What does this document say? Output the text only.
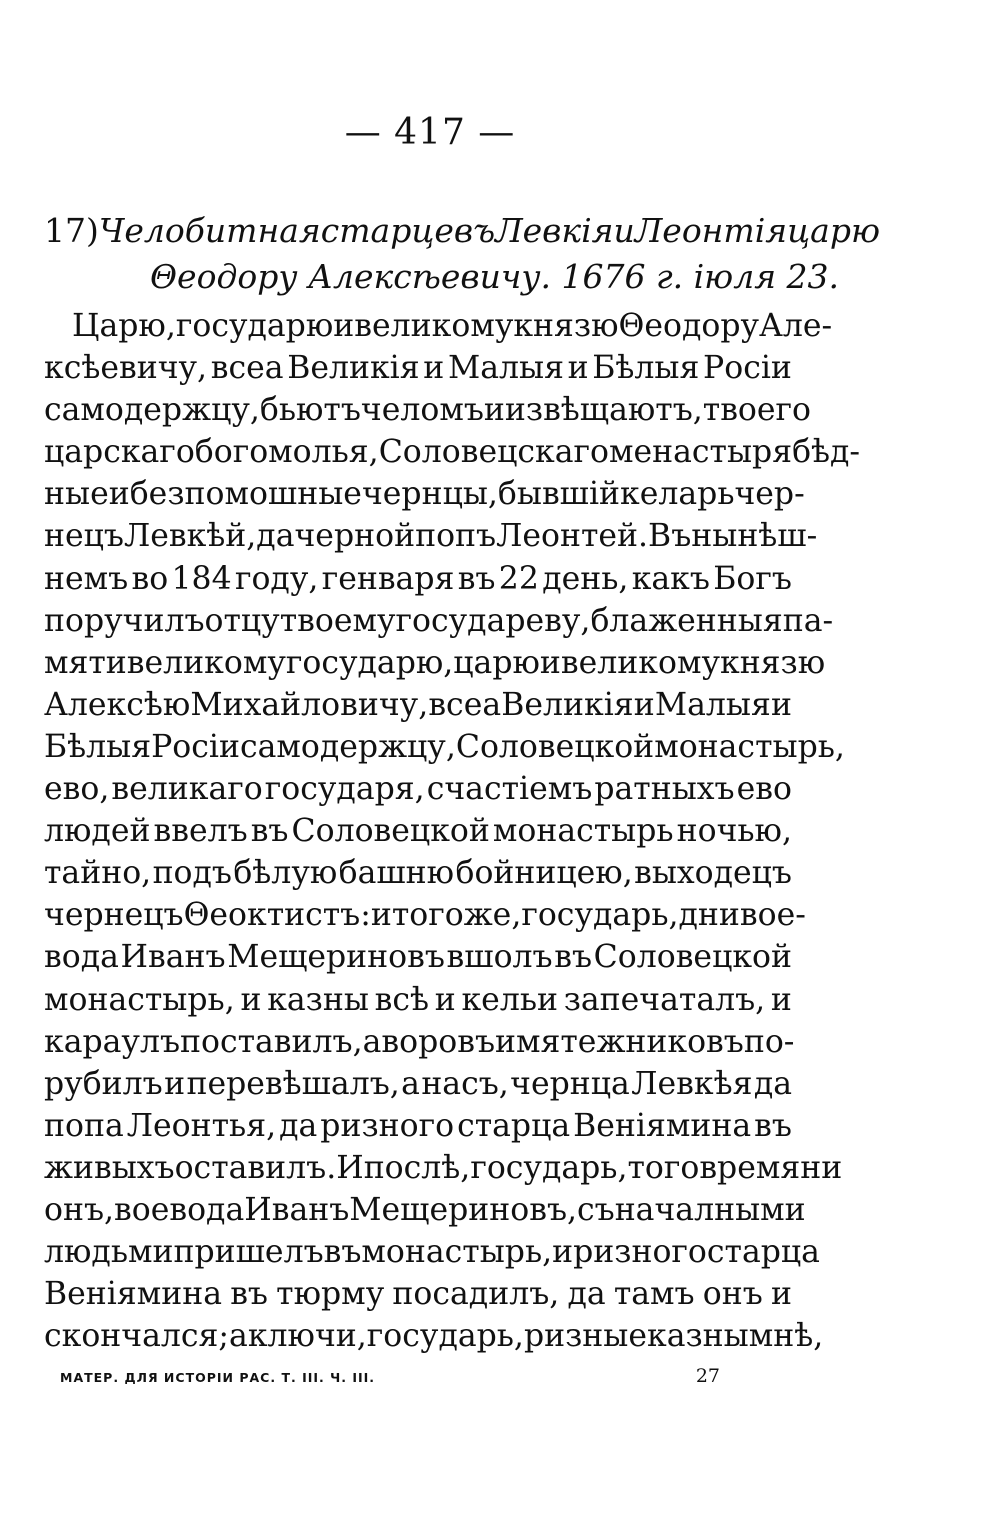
— 417 —
17) Челобитная старцевъ Левкія и Леонтія царю
Θеодору Алексѣевичу. 1676 г. іюля 23.
Царю, государю и великому князю Θеодору Але-
ксѣевичу, всеа Великія и Малыя и Бѣлыя Росіи
самодержцу, бьютъ челомъ и извѣщаютъ, твоего
царскаго богомолья, Соловецскаго менастыря бѣд-
ные и безпомошные чернцы, бывшій келарь чер-
нецъ Левкѣй, да черной попъ Леонтей. Въ нынѣш-
немъ во 184 году, генваря въ 22 день, какъ Богъ
поручилъ отцу твоему государеву, блаженныя па-
мяти великому государю, царю и великому князю
Алексѣю Михайловичу, всеа Великія и Малыя и
Бѣлыя Росіи самодержцу, Соловецкой монастырь,
ево, великаго государя, счастіемъ ратныхъ ево
людей ввелъ въ Соловецкой монастырь ночью,
тайно, подъ бѣлую башню бойницею, выходецъ
чернецъ Θеоктистъ: и того же, государь, дни вое-
вода Иванъ Мещериновъ вшолъ въ Соловецкой
монастырь, и казны всѣ и кельи запечаталъ, и
караулъ поставилъ, а воровъ и мятежниковъ по-
рубилъ и перевѣшалъ, а насъ, чернца Левкѣя да
попа Леонтья, да ризного старца Веніямина въ
живыхъ оставилъ. И послѣ, государь, того времяни
онъ, воевода Иванъ Мещериновъ, съ началными
людьми пришелъ въ монастырь, и ризного старца
Веніямина въ тюрму посадилъ, да тамъ онъ и
скончался; а ключи, государь, ризные казны мнѣ,
МАТЕР. ДЛЯ ИСТОРІИ РАС. Т. III. Ч. III.	27
